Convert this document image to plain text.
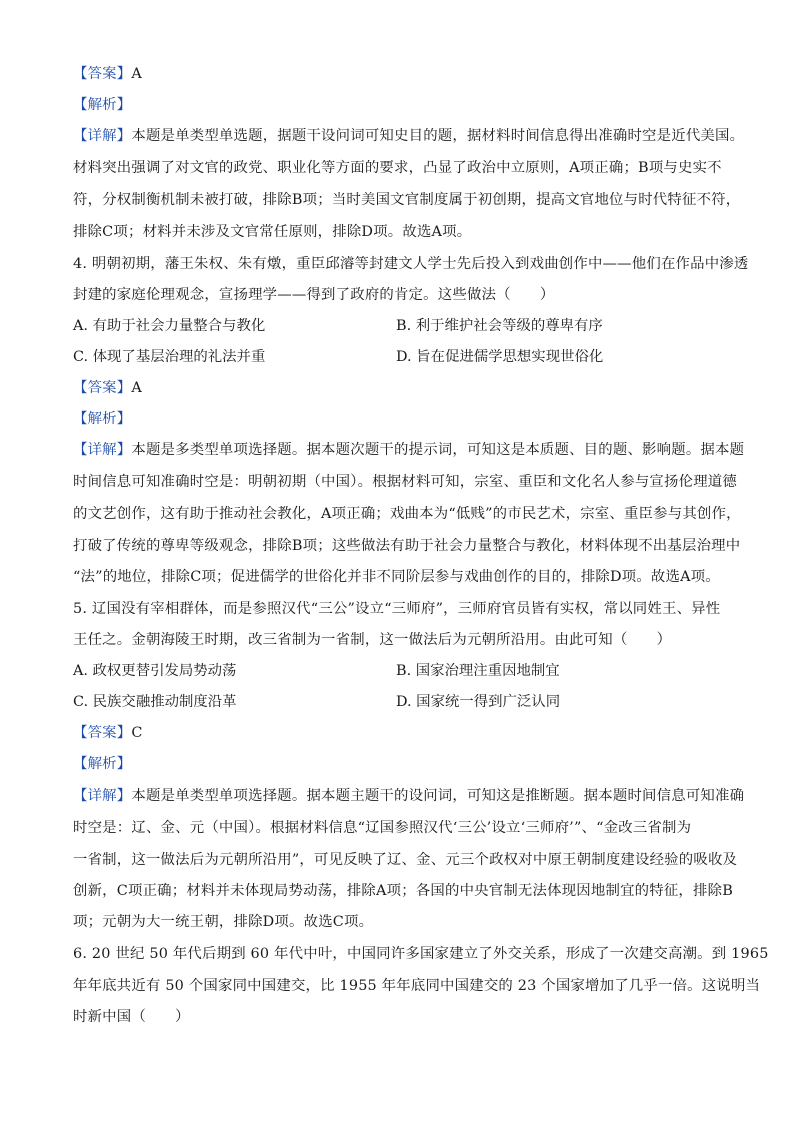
【答案】A
【解析】
【详解】本题是单类型单选题，据题干设问词可知史目的题，据材料时间信息得出准确时空是近代美国。
材料突出强调了对文官的政党、职业化等方面的要求，凸显了政治中立原则，A项正确；B项与史实不
符，分权制衡机制未被打破，排除B项；当时美国文官制度属于初创期，提高文官地位与时代特征不符，
排除C项；材料并未涉及文官常任原则，排除D项。故选A项。
4. 明朝初期，藩王朱权、朱有燉，重臣邱濬等封建文人学士先后投入到戏曲创作中——他们在作品中渗透
封建的家庭伦理观念，宣扬理学——得到了政府的肯定。这些做法（　　）
A. 有助于社会力量整合与教化	B. 利于维护社会等级的尊卑有序
C. 体现了基层治理的礼法并重	D. 旨在促进儒学思想实现世俗化
【答案】A
【解析】
【详解】本题是多类型单项选择题。据本题次题干的提示词，可知这是本质题、目的题、影响题。据本题
时间信息可知准确时空是：明朝初期（中国）。根据材料可知，宗室、重臣和文化名人参与宣扬伦理道德
的文艺创作，这有助于推动社会教化，A项正确；戏曲本为“低贱”的市民艺术，宗室、重臣参与其创作，
打破了传统的尊卑等级观念，排除B项；这些做法有助于社会力量整合与教化，材料体现不出基层治理中
“法”的地位，排除C项；促进儒学的世俗化并非不同阶层参与戏曲创作的目的，排除D项。故选A项。
5. 辽国没有宰相群体，而是参照汉代“三公”设立“三师府”，三师府官员皆有实权，常以同姓王、异性
王任之。金朝海陵王时期，改三省制为一省制，这一做法后为元朝所沿用。由此可知（　　）
A. 政权更替引发局势动荡	B. 国家治理注重因地制宜
C. 民族交融推动制度沿革	D. 国家统一得到广泛认同
【答案】C
【解析】
【详解】本题是单类型单项选择题。据本题主题干的设问词，可知这是推断题。据本题时间信息可知准确
时空是：辽、金、元（中国）。根据材料信息“辽国参照汉代‘三公’设立‘三师府’”、“金改三省制为
一省制，这一做法后为元朝所沿用”，可见反映了辽、金、元三个政权对中原王朝制度建设经验的吸收及
创新，C项正确；材料并未体现局势动荡，排除A项；各国的中央官制无法体现因地制宜的特征，排除B
项；元朝为大一统王朝，排除D项。故选C项。
6. 20 世纪 50 年代后期到 60 年代中叶，中国同许多国家建立了外交关系，形成了一次建交高潮。到 1965
年年底共近有 50 个国家同中国建交，比 1955 年年底同中国建交的 23 个国家增加了几乎一倍。这说明当
时新中国（　　）
